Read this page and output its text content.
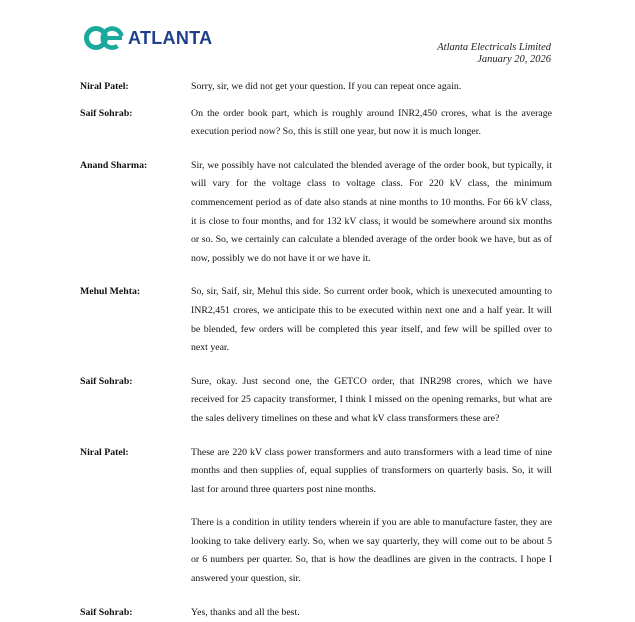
ATLANTA	Atlanta Electricals Limited
January 20, 2026
Niral Patel:	Sorry, sir, we did not get your question. If you can repeat once again.

Saif Sohrab:	On the order book part, which is roughly around INR2,450 crores, what is the average execution period now? So, this is still one year, but now it is much longer.

Anand Sharma:	Sir, we possibly have not calculated the blended average of the order book, but typically, it will vary for the voltage class to voltage class. For 220 kV class, the minimum commencement period as of date also stands at nine months to 10 months. For 66 kV class, it is close to four months, and for 132 kV class, it would be somewhere around six months or so. So, we certainly can calculate a blended average of the order book we have, but as of now, possibly we do not have it or we have it.

Mehul Mehta:	So, sir, Saif, sir, Mehul this side. So current order book, which is unexecuted amounting to INR2,451 crores, we anticipate this to be executed within next one and a half year. It will be blended, few orders will be completed this year itself, and few will be spilled over to next year.

Saif Sohrab:	Sure, okay. Just second one, the GETCO order, that INR298 crores, which we have received for 25 capacity transformer, I think I missed on the opening remarks, but what are the sales delivery timelines on these and what kV class transformers these are?

Niral Patel:	These are 220 kV class power transformers and auto transformers with a lead time of nine months and then supplies of, equal supplies of transformers on quarterly basis. So, it will last for around three quarters post nine months.

There is a condition in utility tenders wherein if you are able to manufacture faster, they are looking to take delivery early. So, when we say quarterly, they will come out to be about 5 or 6 numbers per quarter. So, that is how the deadlines are given in the contracts. I hope I answered your question, sir.

Saif Sohrab:	Yes, thanks and all the best.
